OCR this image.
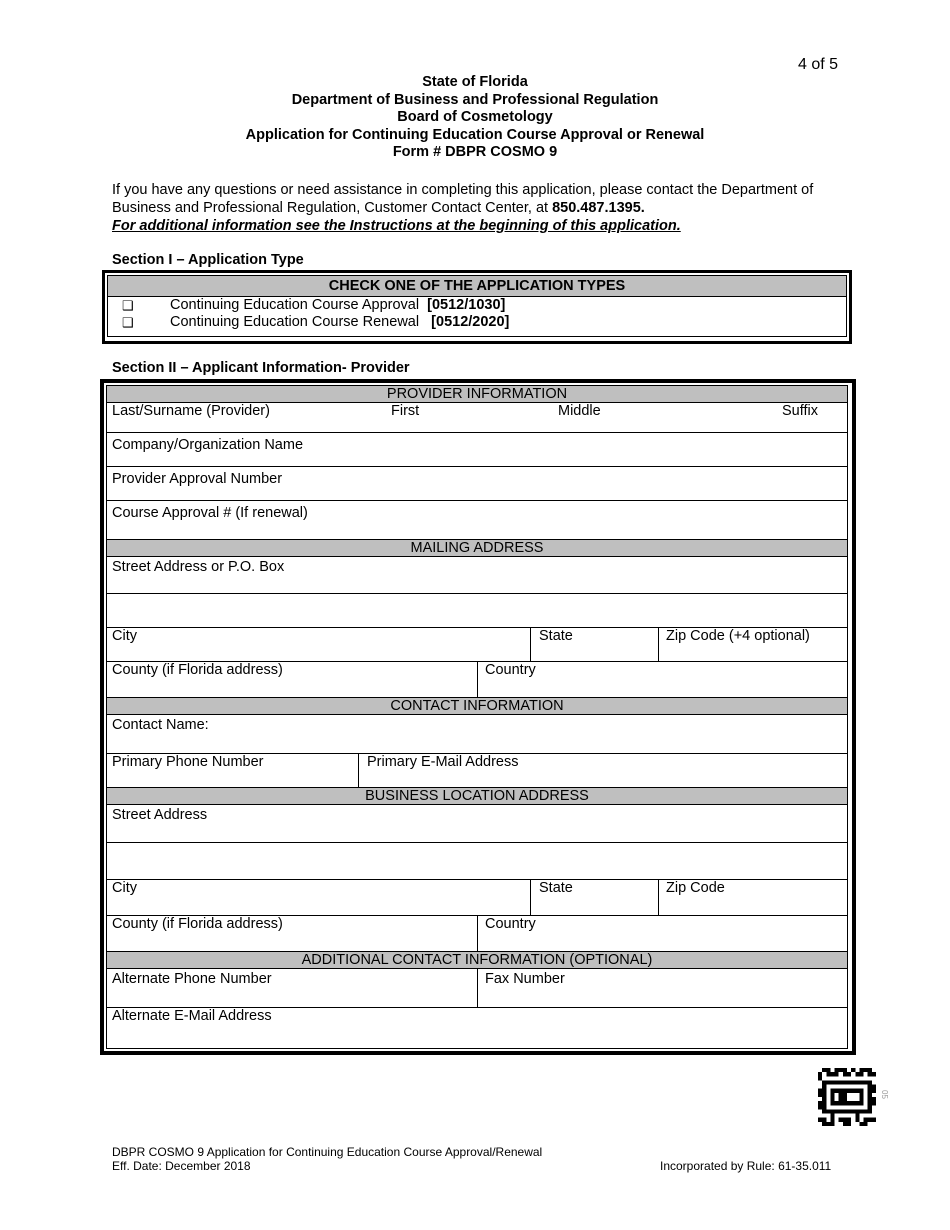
4 of 5
State of Florida
Department of Business and Professional Regulation
Board of Cosmetology
Application for Continuing Education Course Approval or Renewal
Form # DBPR COSMO 9
If you have any questions or need assistance in completing this application, please contact the Department of Business and Professional Regulation, Customer Contact Center, at 850.487.1395.
For additional information see the Instructions at the beginning of this application.
Section I – Application Type
CHECK ONE OF THE APPLICATION TYPES
❑	Continuing Education Course Approval [0512/1030]
❑	Continuing Education Course Renewal [0512/2020]
Section II – Applicant Information- Provider
PROVIDER INFORMATION
Last/Surname (Provider)	First	Middle	Suffix
Company/Organization Name
Provider Approval Number
Course Approval # (If renewal)
MAILING ADDRESS
Street Address or P.O. Box
City	State	Zip Code (+4 optional)
County (if Florida address)	Country
CONTACT INFORMATION
Contact Name:
Primary Phone Number	Primary E-Mail Address
BUSINESS LOCATION ADDRESS
Street Address
City	State	Zip Code
County (if Florida address)	Country
ADDITIONAL CONTACT INFORMATION (OPTIONAL)
Alternate Phone Number	Fax Number
Alternate E-Mail Address
05
DBPR COSMO 9 Application for Continuing Education Course Approval/Renewal
Eff. Date: December 2018	Incorporated by Rule: 61-35.011
